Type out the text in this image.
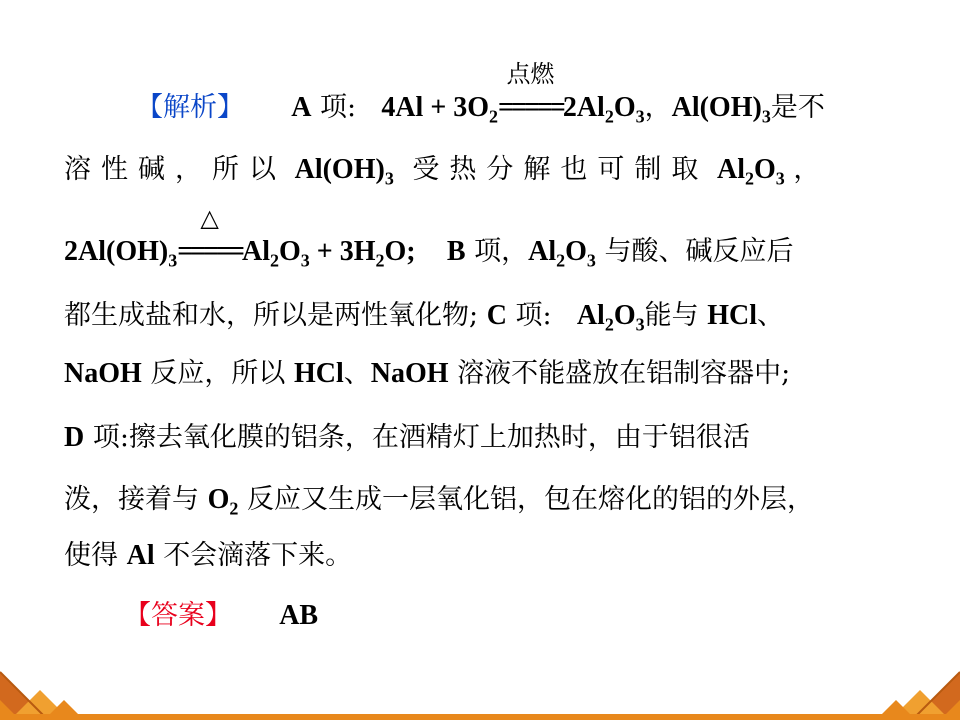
【解析】 A 项: $4Al + 3O_2$
点燃
$=====2Al_2O_3$，$Al(OH)_3$是不
溶性碱，所以 $Al(OH)_3$ 受热分解也可制取 $Al_2O_3$ ，
$2Al(OH)_3$
△
$=====Al_2O_3 + 3H_2O$; B 项，$Al_2O_3$ 与酸、碱反应后
都生成盐和水，所以是两性氧化物; C 项: $Al_2O_3$能与 HCl、
NaOH 反应，所以 HCl、NaOH 溶液不能盛放在铝制容器中;
D 项:擦去氧化膜的铝条，在酒精灯上加热时，由于铝很活
泼，接着与 $O_2$ 反应又生成一层氧化铝，包在熔化的铝的外层，
使得 Al 不会滴落下来。
【答案】 AB
